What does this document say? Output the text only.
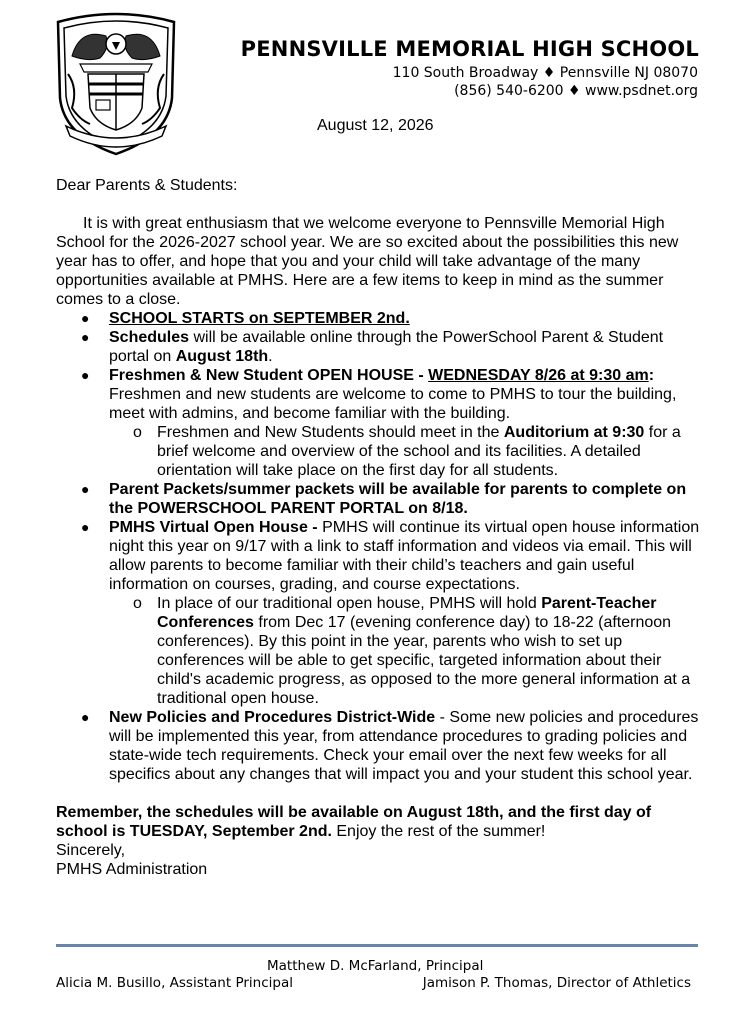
PENNSVILLE MEMORIAL HIGH SCHOOL
110 South Broadway ♦ Pennsville NJ 08070
(856) 540-6200 ♦ www.psdnet.org
August 12, 2026

Dear Parents & Students:

It is with great enthusiasm that we welcome everyone to Pennsville Memorial High School for the 2026-2027 school year. We are so excited about the possibilities this new year has to offer, and hope that you and your child will take advantage of the many opportunities available at PMHS. Here are a few items to keep in mind as the summer comes to a close.

● SCHOOL STARTS on SEPTEMBER 2nd.
● Schedules will be available online through the PowerSchool Parent & Student portal on August 18th.
● Freshmen & New Student OPEN HOUSE - WEDNESDAY 8/26 at 9:30 am: Freshmen and new students are welcome to come to PMHS to tour the building, meet with admins, and become familiar with the building.
o Freshmen and New Students should meet in the Auditorium at 9:30 for a brief welcome and overview of the school and its facilities. A detailed orientation will take place on the first day for all students.
● Parent Packets/summer packets will be available for parents to complete on the POWERSCHOOL PARENT PORTAL on 8/18.
● PMHS Virtual Open House - PMHS will continue its virtual open house information night this year on 9/17 with a link to staff information and videos via email. This will allow parents to become familiar with their child’s teachers and gain useful information on courses, grading, and course expectations.
o In place of our traditional open house, PMHS will hold Parent-Teacher Conferences from Dec 17 (evening conference day) to 18-22 (afternoon conferences). By this point in the year, parents who wish to set up conferences will be able to get specific, targeted information about their child's academic progress, as opposed to the more general information at a traditional open house.
● New Policies and Procedures District-Wide - Some new policies and procedures will be implemented this year, from attendance procedures to grading policies and state-wide tech requirements. Check your email over the next few weeks for all specifics about any changes that will impact you and your student this school year.

Remember, the schedules will be available on August 18th, and the first day of school is TUESDAY, September 2nd. Enjoy the rest of the summer!

Sincerely,

PMHS Administration

Matthew D. McFarland, Principal
Alicia M. Busillo, Assistant Principal	Jamison P. Thomas, Director of Athletics
